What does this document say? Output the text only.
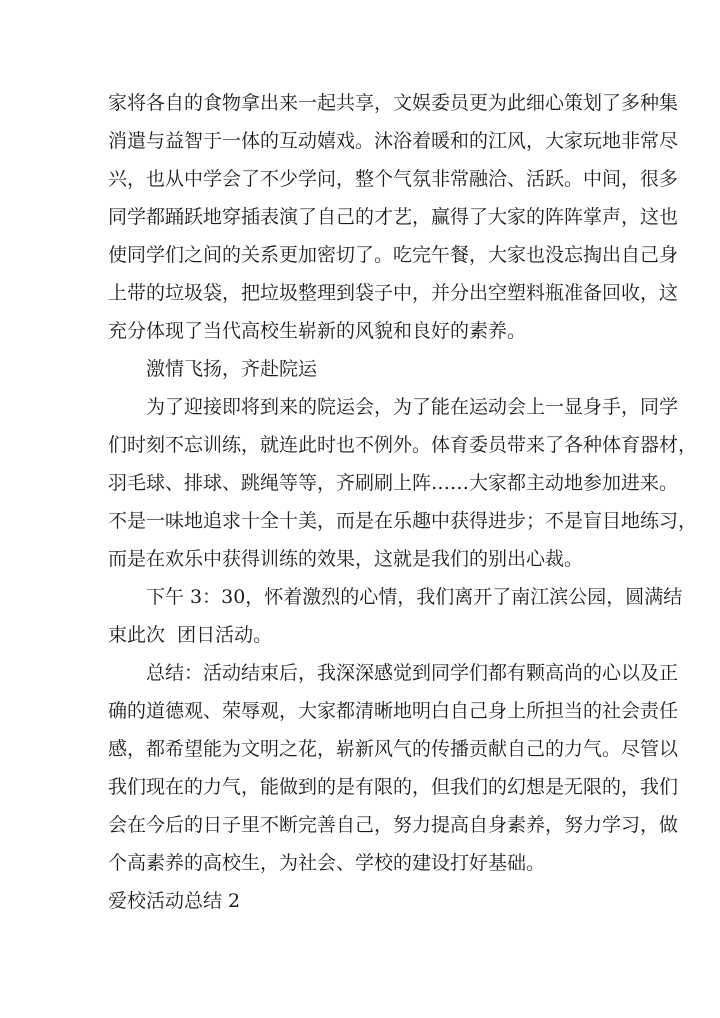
家将各自的食物拿出来一起共享，文娱委员更为此细心策划了多种集
消遣与益智于一体的互动嬉戏。沐浴着暖和的江风，大家玩地非常尽
兴，也从中学会了不少学问，整个气氛非常融洽、活跃。中间，很多
同学都踊跃地穿插表演了自己的才艺，赢得了大家的阵阵掌声，这也
使同学们之间的关系更加密切了。吃完午餐，大家也没忘掏出自己身
上带的垃圾袋，把垃圾整理到袋子中，并分出空塑料瓶准备回收，这
充分体现了当代高校生崭新的风貌和良好的素养。
激情飞扬，齐赴院运
为了迎接即将到来的院运会，为了能在运动会上一显身手，同学
们时刻不忘训练，就连此时也不例外。体育委员带来了各种体育器材，
羽毛球、排球、跳绳等等，齐刷刷上阵……大家都主动地参加进来。
不是一味地追求十全十美，而是在乐趣中获得进步；不是盲目地练习，
而是在欢乐中获得训练的效果，这就是我们的别出心裁。
下午 3：30，怀着激烈的心情，我们离开了南江滨公园，圆满结
束此次  团日活动。
总结：活动结束后，我深深感觉到同学们都有颗高尚的心以及正
确的道德观、荣辱观，大家都清晰地明白自己身上所担当的社会责任
感，都希望能为文明之花，崭新风气的传播贡献自己的力气。尽管以
我们现在的力气，能做到的是有限的，但我们的幻想是无限的，我们
会在今后的日子里不断完善自己，努力提高自身素养，努力学习，做
个高素养的高校生，为社会、学校的建设打好基础。
爱校活动总结 2
